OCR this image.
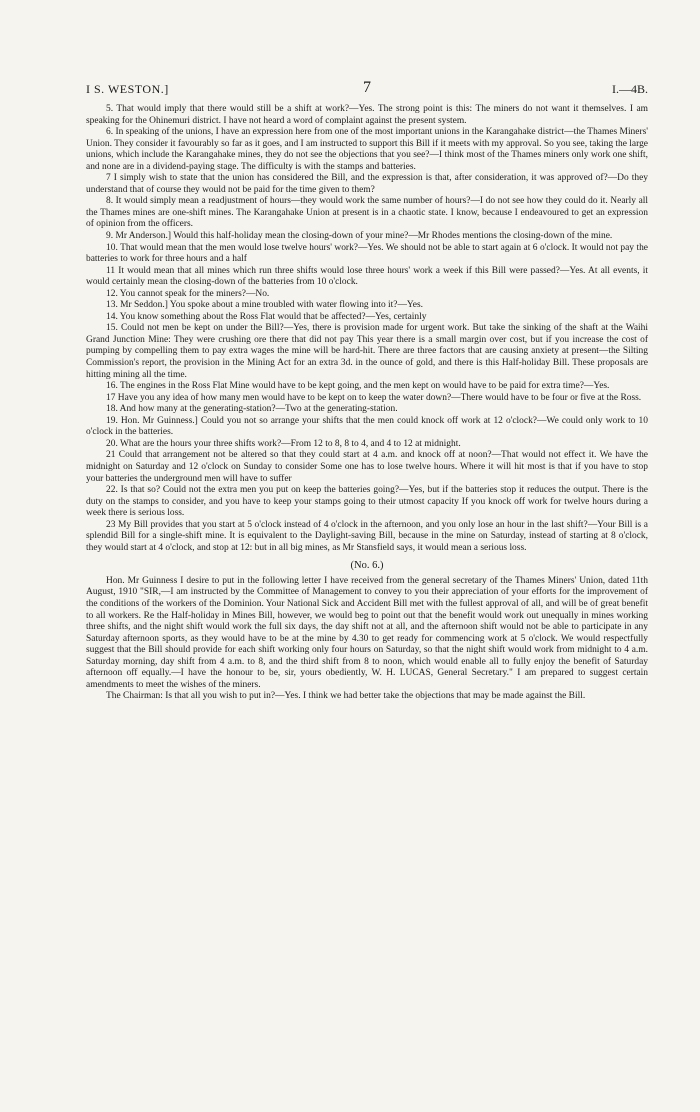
I S. WESTON.]	7	I.—4B.

5. That would imply that there would still be a shift at work?—Yes. The strong point is this: The miners do not want it themselves. I am speaking for the Ohinemuri district. I have not heard a word of complaint against the present system.

6. In speaking of the unions, I have an expression here from one of the most important unions in the Karangahake district—the Thames Miners' Union. They consider it favourably so far as it goes, and I am instructed to support this Bill if it meets with my approval. So you see, taking the large unions, which include the Karangahake mines, they do not see the objections that you see?—I think most of the Thames miners only work one shift, and none are in a dividend-paying stage. The difficulty is with the stamps and batteries.

7 I simply wish to state that the union has considered the Bill, and the expression is that, after consideration, it was approved of?—Do they understand that of course they would not be paid for the time given to them?

8. It would simply mean a readjustment of hours—they would work the same number of hours?—I do not see how they could do it. Nearly all the Thames mines are one-shift mines. The Karangahake Union at present is in a chaotic state. I know, because I endeavoured to get an expression of opinion from the officers.

9. Mr Anderson.] Would this half-holiday mean the closing-down of your mine?—Mr Rhodes mentions the closing-down of the mine.

10. That would mean that the men would lose twelve hours' work?—Yes. We should not be able to start again at 6 o'clock. It would not pay the batteries to work for three hours and a half

11 It would mean that all mines which run three shifts would lose three hours' work a week if this Bill were passed?—Yes. At all events, it would certainly mean the closing-down of the batteries from 10 o'clock.

12. You cannot speak for the miners?—No.

13. Mr Seddon.] You spoke about a mine troubled with water flowing into it?—Yes.

14. You know something about the Ross Flat would that be affected?—Yes, certainly

15. Could not men be kept on under the Bill?—Yes, there is provision made for urgent work. But take the sinking of the shaft at the Waihi Grand Junction Mine: They were crushing ore there that did not pay This year there is a small margin over cost, but if you increase the cost of pumping by compelling them to pay extra wages the mine will be hard-hit. There are three factors that are causing anxiety at present—the Silting Commission's report, the provision in the Mining Act for an extra 3d. in the ounce of gold, and there is this Half-holiday Bill. These proposals are hitting mining all the time.

16. The engines in the Ross Flat Mine would have to be kept going, and the men kept on would have to be paid for extra time?—Yes.

17 Have you any idea of how many men would have to be kept on to keep the water down?—There would have to be four or five at the Ross.

18. And how many at the generating-station?—Two at the generating-station.

19. Hon. Mr Guinness.] Could you not so arrange your shifts that the men could knock off work at 12 o'clock?—We could only work to 10 o'clock in the batteries.

20. What are the hours your three shifts work?—From 12 to 8, 8 to 4, and 4 to 12 at midnight.

21 Could that arrangement not be altered so that they could start at 4 a.m. and knock off at noon?—That would not effect it. We have the midnight on Saturday and 12 o'clock on Sunday to consider Some one has to lose twelve hours. Where it will hit most is that if you have to stop your batteries the underground men will have to suffer

22. Is that so? Could not the extra men you put on keep the batteries going?—Yes, but if the batteries stop it reduces the output. There is the duty on the stamps to consider, and you have to keep your stamps going to their utmost capacity If you knock off work for twelve hours during a week there is serious loss.

23 My Bill provides that you start at 5 o'clock instead of 4 o'clock in the afternoon, and you only lose an hour in the last shift?—Your Bill is a splendid Bill for a single-shift mine. It is equivalent to the Daylight-saving Bill, because in the mine on Saturday, instead of starting at 8 o'clock, they would start at 4 o'clock, and stop at 12: but in all big mines, as Mr Stansfield says, it would mean a serious loss.

(No. 6.)

Hon. Mr Guinness I desire to put in the following letter I have received from the general secretary of the Thames Miners' Union, dated 11th August, 1910 "SIR,—I am instructed by the Committee of Management to convey to you their appreciation of your efforts for the improvement of the conditions of the workers of the Dominion. Your National Sick and Accident Bill met with the fullest approval of all, and will be of great benefit to all workers. Re the Half-holiday in Mines Bill, however, we would beg to point out that the benefit would work out unequally in mines working three shifts, and the night shift would work the full six days, the day shift not at all, and the afternoon shift would not be able to participate in any Saturday afternoon sports, as they would have to be at the mine by 4.30 to get ready for commencing work at 5 o'clock. We would respectfully suggest that the Bill should provide for each shift working only four hours on Saturday, so that the night shift would work from midnight to 4 a.m. Saturday morning, day shift from 4 a.m. to 8, and the third shift from 8 to noon, which would enable all to fully enjoy the benefit of Saturday afternoon off equally.—I have the honour to be, sir, yours obediently, W. H. LUCAS, General Secretary." I am prepared to suggest certain amendments to meet the wishes of the miners.

The Chairman: Is that all you wish to put in?—Yes. I think we had better take the objections that may be made against the Bill.
